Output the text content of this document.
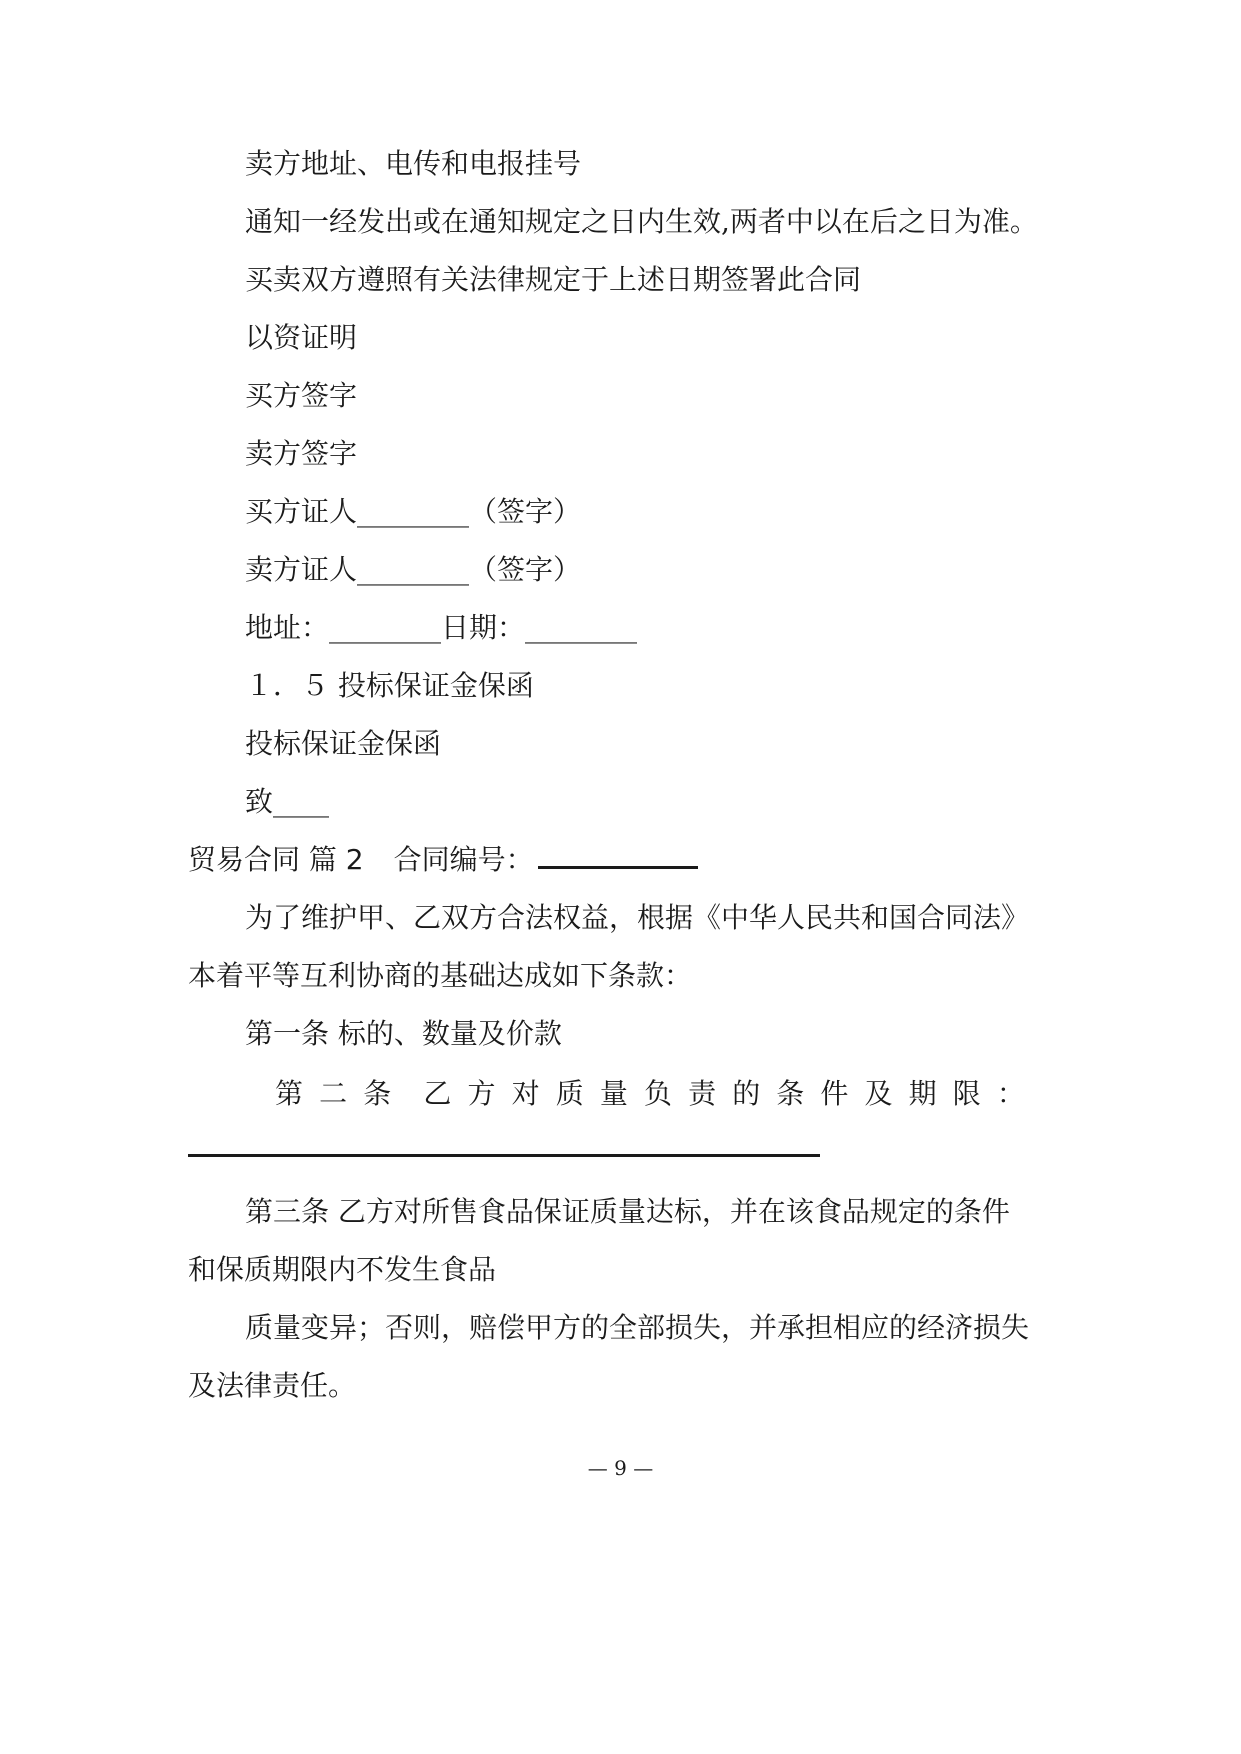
卖方地址、电传和电报挂号
通知一经发出或在通知规定之日内生效,两者中以在后之日为准。
买卖双方遵照有关法律规定于上述日期签署此合同
以资证明
买方签字
卖方签字
买方证人________（签字）
卖方证人________（签字）
地址：________日期：________
１．５ 投标保证金保函
投标保证金保函
致____
贸易合同 篇 2 合同编号：
为了维护甲、乙双方合法权益，根据《中华人民共和国合同法》
本着平等互利协商的基础达成如下条款：
第一条 标的、数量及价款
第 二 条 乙 方 对 质 量 负 责 的 条 件 及 期 限 ：
第三条 乙方对所售食品保证质量达标，并在该食品规定的条件
和保质期限内不发生食品
质量变异；否则，赔偿甲方的全部损失，并承担相应的经济损失
及法律责任。
— 9 —
